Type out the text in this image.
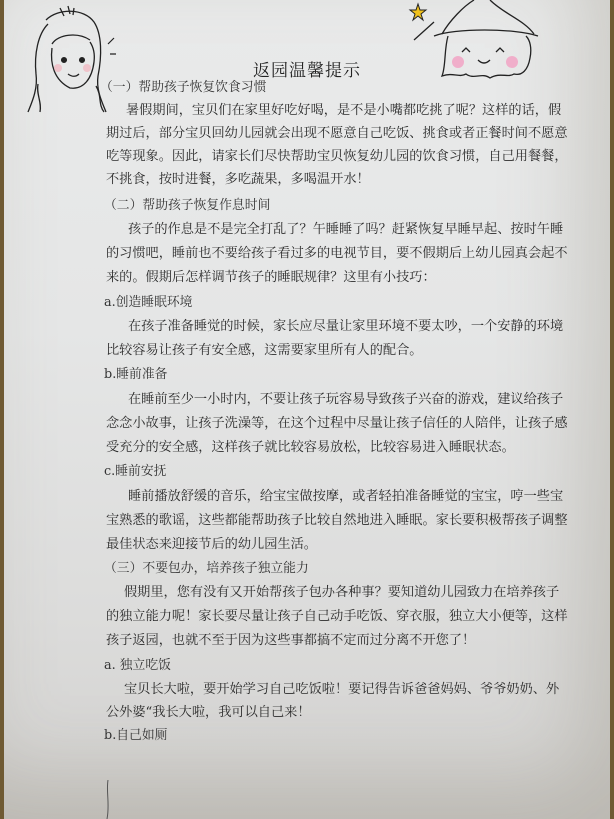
返园温馨提示
（一）帮助孩子恢复饮食习惯
暑假期间，宝贝们在家里好吃好喝，是不是小嘴都吃挑了呢？这样的话，假
期过后，部分宝贝回幼儿园就会出现不愿意自己吃饭、挑食或者正餐时间不愿意
吃等现象。因此，请家长们尽快帮助宝贝恢复幼儿园的饮食习惯，自己用餐餐，
不挑食，按时进餐，多吃蔬果，多喝温开水！
（二）帮助孩子恢复作息时间
孩子的作息是不是完全打乱了？午睡睡了吗？赶紧恢复早睡早起、按时午睡
的习惯吧，睡前也不要给孩子看过多的电视节目，要不假期后上幼儿园真会起不
来的。假期后怎样调节孩子的睡眠规律？这里有小技巧：
a.创造睡眠环境
在孩子准备睡觉的时候，家长应尽量让家里环境不要太吵，一个安静的环境
比较容易让孩子有安全感，这需要家里所有人的配合。
b.睡前准备
在睡前至少一小时内，不要让孩子玩容易导致孩子兴奋的游戏，建议给孩子
念念小故事，让孩子洗澡等，在这个过程中尽量让孩子信任的人陪伴，让孩子感
受充分的安全感，这样孩子就比较容易放松，比较容易进入睡眠状态。
c.睡前安抚
睡前播放舒缓的音乐，给宝宝做按摩，或者轻拍准备睡觉的宝宝，哼一些宝
宝熟悉的歌谣，这些都能帮助孩子比较自然地进入睡眠。家长要积极帮孩子调整
最佳状态来迎接节后的幼儿园生活。
（三）不要包办，培养孩子独立能力
假期里，您有没有又开始帮孩子包办各种事？要知道幼儿园致力在培养孩子
的独立能力呢！家长要尽量让孩子自己动手吃饭、穿衣服，独立大小便等，这样
孩子返园，也就不至于因为这些事都搞不定而过分离不开您了！
a. 独立吃饭
宝贝长大啦，要开始学习自己吃饭啦！要记得告诉爸爸妈妈、爷爷奶奶、外
公外婆“我长大啦，我可以自己来！
b.自己如厕
